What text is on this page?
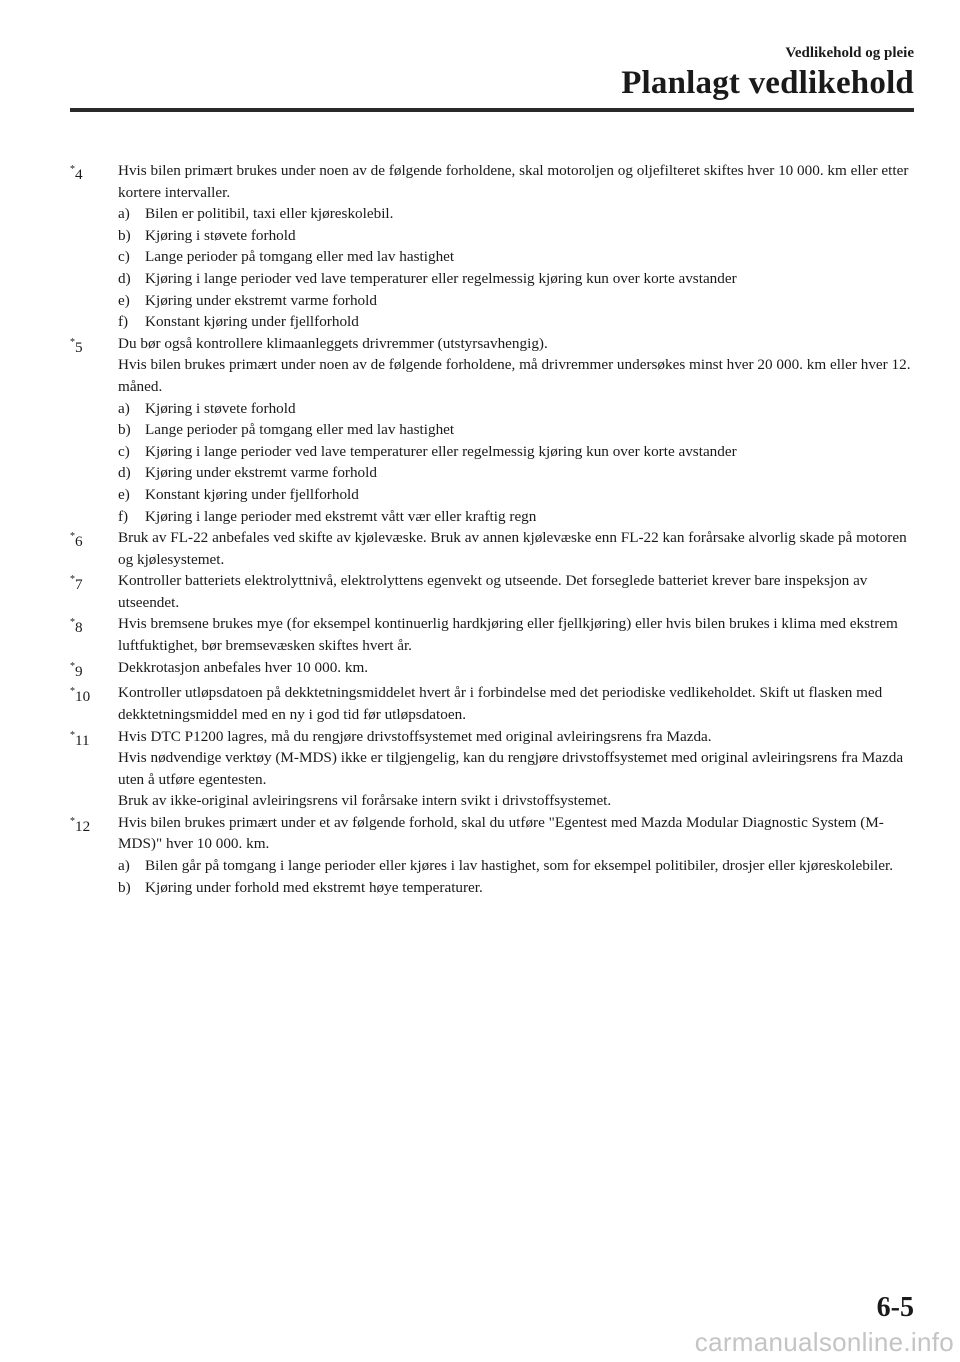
Vedlikehold og pleie
Planlagt vedlikehold
*4	Hvis bilen primært brukes under noen av de følgende forholdene, skal motoroljen og oljefilteret skiftes hver 10 000. km eller etter kortere intervaller.

a) Bilen er politibil, taxi eller kjøreskolebil.
b) Kjøring i støvete forhold
c) Lange perioder på tomgang eller med lav hastighet
d) Kjøring i lange perioder ved lave temperaturer eller regelmessig kjøring kun over korte avstander
e) Kjøring under ekstremt varme forhold
f)	Konstant kjøring under fjellforhold
*5	Du bør også kontrollere klimaanleggets drivremmer (utstyrsavhengig).

Hvis bilen brukes primært under noen av de følgende forholdene, må drivremmer undersøkes minst hver 20 000. km eller hver 12. måned.

a) Kjøring i støvete forhold
b) Lange perioder på tomgang eller med lav hastighet
c) Kjøring i lange perioder ved lave temperaturer eller regelmessig kjøring kun over korte avstander
d) Kjøring under ekstremt varme forhold
e) Konstant kjøring under fjellforhold
f)	Kjøring i lange perioder med ekstremt vått vær eller kraftig regn
*6	Bruk av FL-22 anbefales ved skifte av kjølevæske. Bruk av annen kjølevæske enn FL-22 kan forårsake alvorlig skade på motoren og kjølesystemet.

*7	Kontroller batteriets elektrolyttnivå, elektrolyttens egenvekt og utseende. Det forseglede batteriet krever bare inspeksjon av utseendet.

*8	Hvis bremsene brukes mye (for eksempel kontinuerlig hardkjøring eller fjellkjøring) eller hvis bilen brukes i klima med ekstrem luftfuktighet, bør bremsevæsken skiftes hvert år.

*9	Dekkrotasjon anbefales hver 10 000. km.

*10	Kontroller utløpsdatoen på dekktetningsmiddelet hvert år i forbindelse med det periodiske vedlikeholdet. Skift ut flasken med dekktetningsmiddel med en ny i god tid før utløpsdatoen.

*11	Hvis DTC P1200 lagres, må du rengjøre drivstoffsystemet med original avleiringsrens fra Mazda.

Hvis nødvendige verktøy (M-MDS) ikke er tilgjengelig, kan du rengjøre drivstoffsystemet med original avleiringsrens fra Mazda uten å utføre egentesten.

Bruk av ikke-original avleiringsrens vil forårsake intern svikt i drivstoffsystemet.

*12	Hvis bilen brukes primært under et av følgende forhold, skal du utføre "Egentest med Mazda Modular Diagnostic System (M-MDS)" hver 10 000. km.

a) Bilen går på tomgang i lange perioder eller kjøres i lav hastighet, som for eksempel politibiler, drosjer eller kjøreskolebiler.
b) Kjøring under forhold med ekstremt høye temperaturer.
6-5
carmanualsonline.info
